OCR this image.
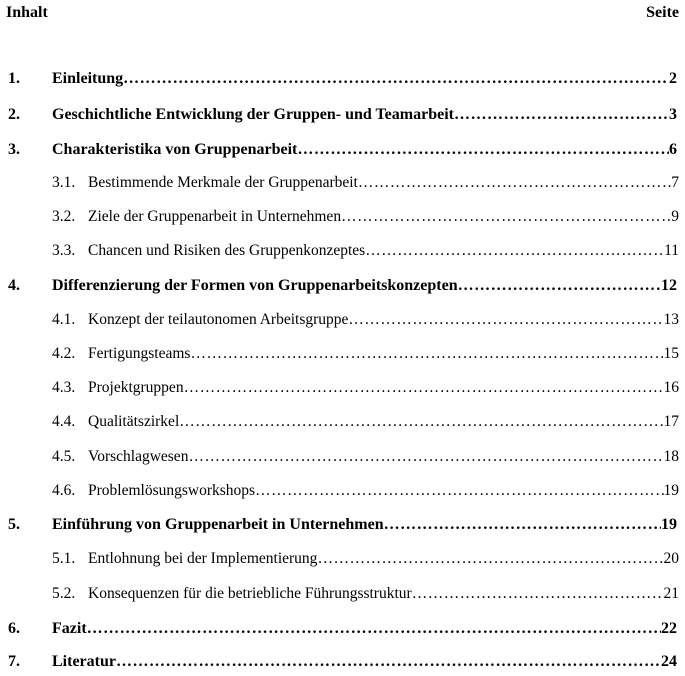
Inhalt	Seite
1.	Einleitung ……………………………………………………………………………………………………………………………………………………………………………………………………………………	2
2.	Geschichtliche Entwicklung der Gruppen- und Teamarbeit ……………………………………………………………………………………………………………………………………………………………………………………………………………………	3
3.	Charakteristika von Gruppenarbeit ……………………………………………………………………………………………………………………………………………………………………………………………………………………	6
3.1. Bestimmende Merkmale der Gruppenarbeit ……………………………………………………………………………………………………………………………………………………………………………………………………………………	7
3.2. Ziele der Gruppenarbeit in Unternehmen ……………………………………………………………………………………………………………………………………………………………………………………………………………………	9
3.3. Chancen und Risiken des Gruppenkonzeptes ……………………………………………………………………………………………………………………………………………………………………………………………………………………	11
4.	Differenzierung der Formen von Gruppenarbeitskonzepten ……………………………………………………………………………………………………………………………………………………………………………………………………………………	12
4.1. Konzept der teilautonomen Arbeitsgruppe ……………………………………………………………………………………………………………………………………………………………………………………………………………………	13
4.2. Fertigungsteams ……………………………………………………………………………………………………………………………………………………………………………………………………………………	15
4.3. Projektgruppen ……………………………………………………………………………………………………………………………………………………………………………………………………………………	16
4.4. Qualitätszirkel ……………………………………………………………………………………………………………………………………………………………………………………………………………………	17
4.5. Vorschlagwesen ……………………………………………………………………………………………………………………………………………………………………………………………………………………	18
4.6. Problemlösungsworkshops ……………………………………………………………………………………………………………………………………………………………………………………………………………………	19
5.	Einführung von Gruppenarbeit in Unternehmen ……………………………………………………………………………………………………………………………………………………………………………………………………………………	19
5.1. Entlohnung bei der Implementierung ……………………………………………………………………………………………………………………………………………………………………………………………………………………	20
5.2. Konsequenzen für die betriebliche Führungsstruktur ……………………………………………………………………………………………………………………………………………………………………………………………………………………	21
6.	Fazit ……………………………………………………………………………………………………………………………………………………………………………………………………………………	22
7.	Literatur ……………………………………………………………………………………………………………………………………………………………………………………………………………………	24
